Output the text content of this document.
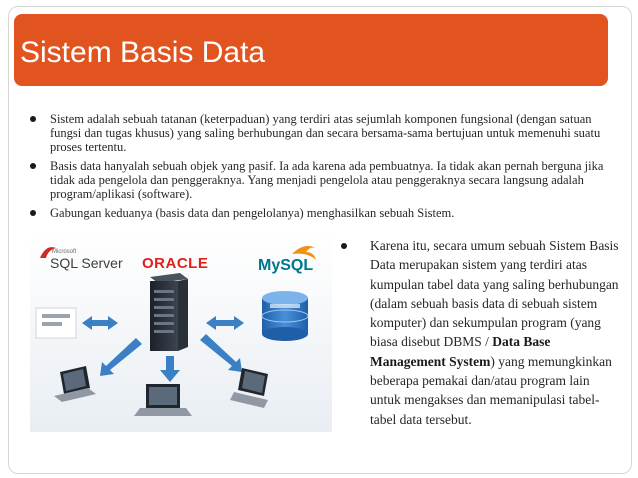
Sistem Basis Data
Sistem adalah sebuah tatanan (keterpaduan) yang terdiri atas sejumlah komponen fungsional (dengan satuan fungsi dan tugas khusus) yang saling berhubungan dan secara bersama-sama bertujuan untuk memenuhi suatu proses tertentu.
Basis data hanyalah sebuah objek yang pasif. Ia ada karena ada pembuatnya. Ia tidak akan pernah berguna jika tidak ada pengelola dan penggeraknya. Yang menjadi pengelola atau penggeraknya secara langsung adalah program/aplikasi (software).
Gabungan keduanya (basis data dan pengelolanya) menghasilkan sebuah Sistem.
Microsoft
SQL Server ORACLE	MySQL
Karena itu, secara umum sebuah Sistem Basis Data merupakan sistem yang terdiri atas kumpulan tabel data yang saling berhubungan (dalam sebuah basis data di sebuah sistem komputer) dan sekumpulan program (yang biasa disebut DBMS / Data Base Management System) yang memungkinkan beberapa pemakai dan/atau program lain untuk mengakses dan memanipulasi tabel-tabel data tersebut.
